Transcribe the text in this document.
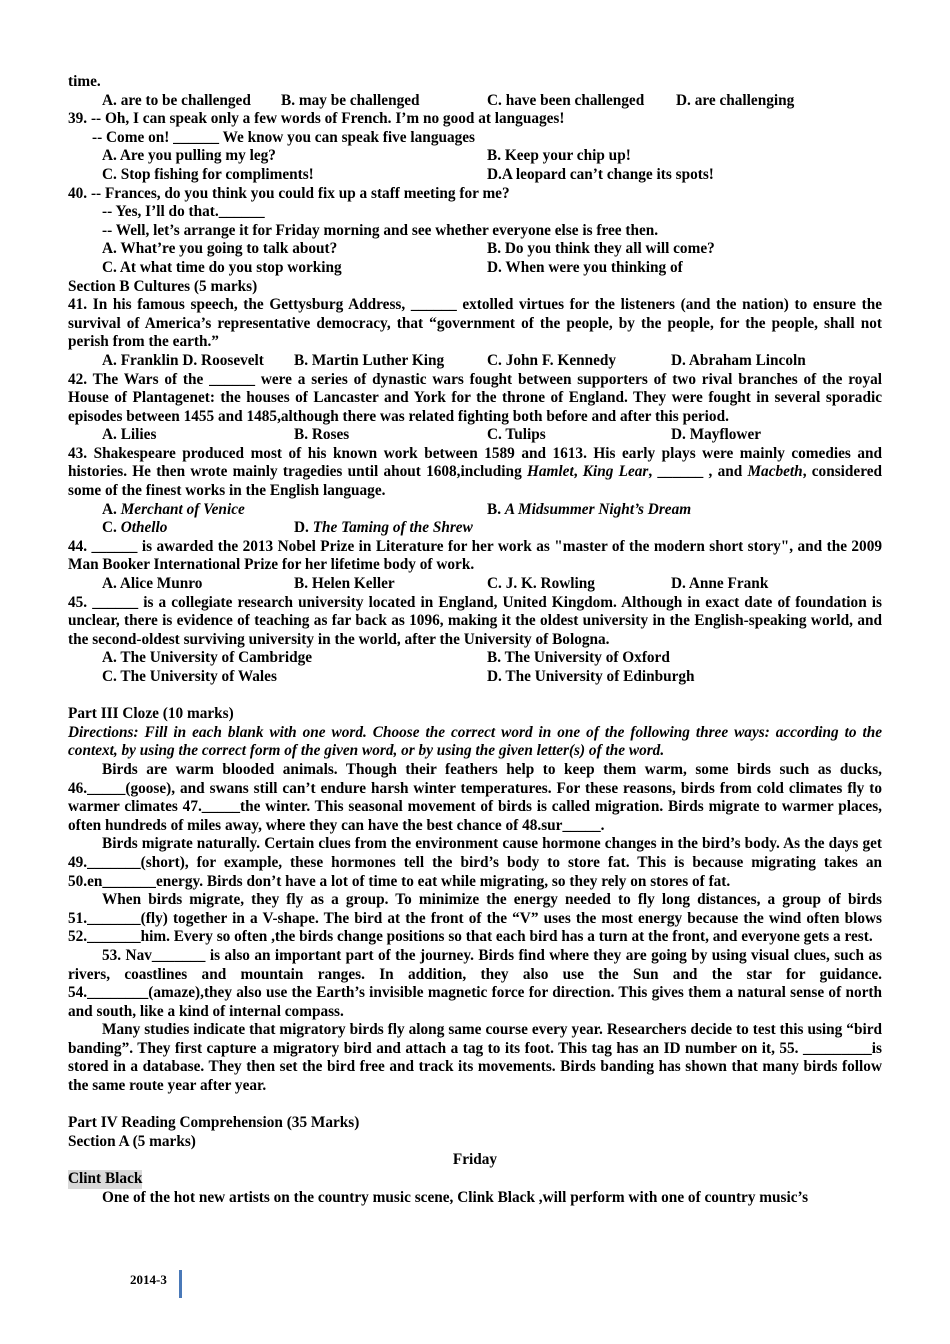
time.
A. are to be challenged B. may be challenged	C. have been challenged D. are challenging
39. -- Oh, I can speak only a few words of French. I’m no good at languages!
-- Come on! ______ We know you can speak five languages
A. Are you pulling my leg?	B. Keep your chip up!
C. Stop fishing for compliments!	D.A leopard can’t change its spots!
40. -- Frances, do you think you could fix up a staff meeting for me?
-- Yes, I’ll do that.______
-- Well, let’s arrange it for Friday morning and see whether everyone else is free then.
A. What’re you going to talk about?	B. Do you think they all will come?
C. At what time do you stop working	D. When were you thinking of
Section B Cultures (5 marks)
41. In his famous speech, the Gettysburg Address, ______ extolled virtues for the listeners (and the nation) to ensure the survival of America’s representative democracy, that “government of the people, by the people, for the people, shall not perish from the earth.”
A. Franklin D. Roosevelt B. Martin Luther King	C. John F. Kennedy	D. Abraham Lincoln
42. The Wars of the ______ were a series of dynastic wars fought between supporters of two rival branches of the royal House of Plantagenet: the houses of Lancaster and York for the throne of England. They were fought in several sporadic episodes between 1455 and 1485,although there was related fighting both before and after this period.
A. Lilies	B. Roses	C. Tulips	D. Mayflower
43. Shakespeare produced most of his known work between 1589 and 1613. His early plays were mainly comedies and histories. He then wrote mainly tragedies until ahout 1608,including Hamlet, King Lear, ______ , and Macbeth, considered some of the finest works in the English language.
A. Merchant of Venice	B. A Midsummer Night’s Dream
C. Othello	D. The Taming of the Shrew
44. ______ is awarded the 2013 Nobel Prize in Literature for her work as "master of the modern short story", and the 2009 Man Booker International Prize for her lifetime body of work.
A. Alice Munro	B. Helen Keller	C. J. K. Rowling	D. Anne Frank
45. ______ is a collegiate research university located in England, United Kingdom. Although in exact date of foundation is unclear, there is evidence of teaching as far back as 1096, making it the oldest university in the English-speaking world, and the second-oldest surviving university in the world, after the University of Bologna.
A. The University of Cambridge	B. The University of Oxford
C. The University of Wales	D. The University of Edinburgh
Part III Cloze (10 marks)
Directions: Fill in each blank with one word. Choose the correct word in one of the following three ways: according to the context, by using the correct form of the given word, or by using the given letter(s) of the word.
Birds are warm blooded animals. Though their feathers help to keep them warm, some birds such as ducks, 46._____(goose), and swans still can’t endure harsh winter temperatures. For these reasons, birds from cold climates fly to warmer climates 47._____the winter. This seasonal movement of birds is called migration. Birds migrate to warmer places, often hundreds of miles away, where they can have the best chance of 48.sur_____.
Birds migrate naturally. Certain clues from the environment cause hormone changes in the bird’s body. As the days get 49._______(short), for example, these hormones tell the bird’s body to store fat. This is because migrating takes an 50.en_______energy. Birds don’t have a lot of time to eat while migrating, so they rely on stores of fat.
When birds migrate, they fly as a group. To minimize the energy needed to fly long distances, a group of birds 51._______(fly) together in a V-shape. The bird at the front of the “V” uses the most energy because the wind often blows 52._______him. Every so often ,the birds change positions so that each bird has a turn at the front, and everyone gets a rest.
53. Nav_______ is also an important part of the journey. Birds find where they are going by using visual clues, such as rivers, coastlines and mountain ranges. In addition, they also use the Sun and the star for guidance. 54.________(amaze),they also use the Earth’s invisible magnetic force for direction. This gives them a natural sense of north and south, like a kind of internal compass.
Many studies indicate that migratory birds fly along same course every year. Researchers decide to test this using “bird banding”. They first capture a migratory bird and attach a tag to its foot. This tag has an ID number on it, 55. _________is stored in a database. They then set the bird free and track its movements. Birds banding has shown that many birds follow the same route year after year.
Part IV Reading Comprehension (35 Marks)
Section A (5 marks)
Friday
Clint Black
One of the hot new artists on the country music scene, Clink Black ,will perform with one of country music’s
2014-3
